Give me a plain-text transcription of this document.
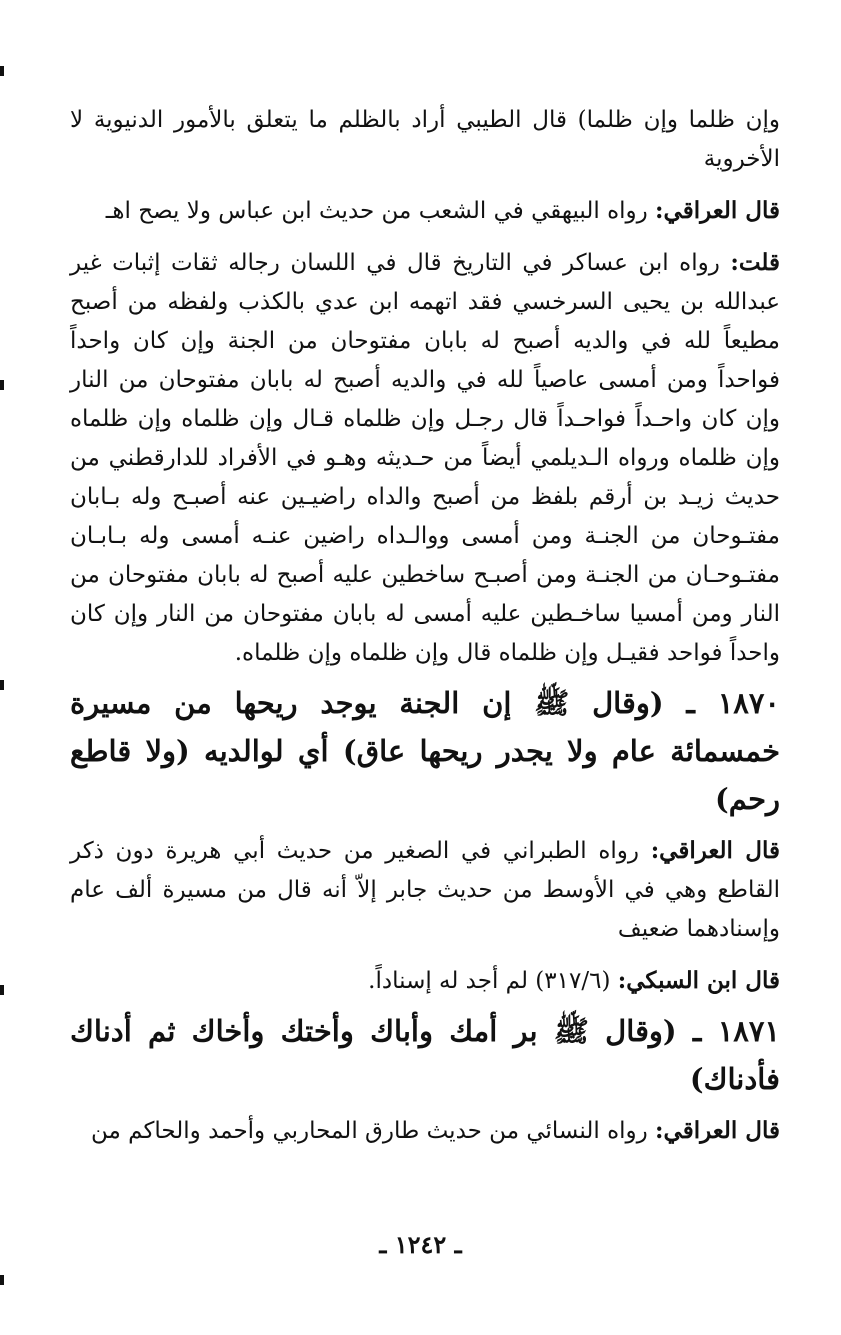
وإن ظلما وإن ظلما) قال الطيبي أراد بالظلم ما يتعلق بالأمور الدنيوية لا الأخروية

قال العراقي: رواه البيهقي في الشعب من حديث ابن عباس ولا يصح اهـ

قلت: رواه ابن عساكر في التاريخ قال في اللسان رجاله ثقات إثبات غير عبدالله بن يحيى السرخسي فقد اتهمه ابن عدي بالكذب ولفظه من أصبح مطيعاً لله في والديه أصبح له بابان مفتوحان من الجنة وإن كان واحداً فواحداً ومن أمسى عاصياً لله في والديه أصبح له بابان مفتوحان من النار وإن كان واحـداً فواحـداً قال رجـل وإن ظلماه قـال وإن ظلماه وإن ظلماه وإن ظلماه ورواه الـديلمي أيضاً من حـديثه وهـو في الأفراد للدارقطني من حديث زيـد بن أرقم بلفظ من أصبح والداه راضيـين عنه أصبـح وله بـابان مفتـوحان من الجنـة ومن أمسى ووالـداه راضين عنـه أمسى وله بـابـان مفتـوحـان من الجنـة ومن أصبـح ساخطين عليه أصبح له بابان مفتوحان من النار ومن أمسيا ساخـطين عليه أمسى له بابان مفتوحان من النار وإن كان واحداً فواحد فقيـل وإن ظلماه قال وإن ظلماه وإن ظلماه.

١٨٧٠ ـ (وقال ﷺ إن الجنة يوجد ريحها من مسيرة خمسمائة عام ولا يجدر ريحها عاق) أي لوالديه (ولا قاطع رحم)

قال العراقي: رواه الطبراني في الصغير من حديث أبي هريرة دون ذكر القاطع وهي في الأوسط من حديث جابر إلاّ أنه قال من مسيرة ألف عام وإسنادهما ضعيف

قال ابن السبكي: (٣١٧/٦) لم أجد له إسناداً.

١٨٧١ ـ (وقال ﷺ بر أمك وأباك وأختك وأخاك ثم أدناك فأدناك)

قال العراقي: رواه النسائي من حديث طارق المحاربي وأحمد والحاكم من

ـ ١٢٤٢ ـ
